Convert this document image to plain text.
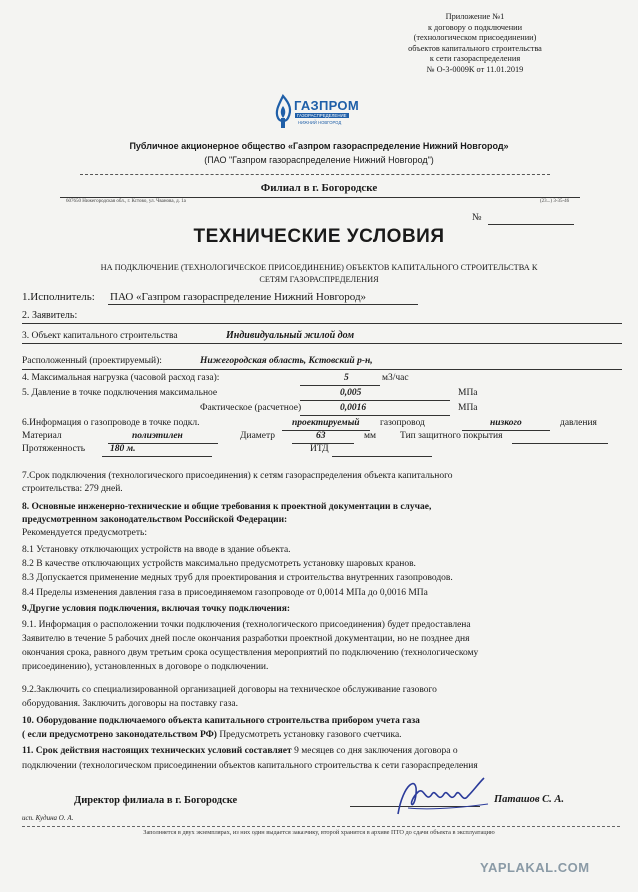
Приложение №1
к договору о подключении
(технологическом присоединении)
объектов капитального строительства
к сети газораспределения
№ О-3-0009К от 11.01.2019
ГАЗПРОМ
ГАЗОРАСПРЕДЕЛЕНИЕ
НИЖНИЙ НОВГОРОД
Публичное акционерное общество «Газпром газораспределение Нижний Новгород»
(ПАО "Газпром газораспределение Нижний Новгород")
Филиал в г. Богородске
607650 Нижегородская обл., г. Кстово, ул. Чванова, д. 1а	(23...) 3-35-46
№
ТЕХНИЧЕСКИЕ УСЛОВИЯ
НА ПОДКЛЮЧЕНИЕ (ТЕХНОЛОГИЧЕСКОЕ ПРИСОЕДИНЕНИЕ) ОБЪЕКТОВ КАПИТАЛЬНОГО СТРОИТЕЛЬСТВА К
СЕТЯМ ГАЗОРАСПРЕДЕЛЕНИЯ
1.Исполнитель: ПАО «Газпром газораспределение Нижний Новгород»
2. Заявитель:
3. Объект капитального строительства	Индивидуальный жилой дом
Расположенный (проектируемый):	Нижегородская область, Кстовский р-н,
4. Максимальная нагрузка (часовой расход газа):	5	м3/час
5. Давление в точке подключения максимальное	0,005	МПа
Фактическое (расчетное)	0,0016	МПа
6.Информация о газопроводе в точке подкл.	проектируемый газопровод	низкого	давления
Материал	полиэтилен	Диаметр	63	мм	Тип защитного покрытия
Протяженность	180 м.	ИТД
7.Срок подключения (технологического присоединения) к сетям газораспределения объекта капитального
строительства: 279 дней.
8. Основные инженерно-технические и общие требования к проектной документации в случае,
предусмотренном законодательством Российской Федерации:
Рекомендуется предусмотреть:
8.1 Установку отключающих устройств на вводе в здание объекта.
8.2 В качестве отключающих устройств максимально предусмотреть установку шаровых кранов.
8.3 Допускается применение медных труб для проектирования и строительства внутренних газопроводов.
8.4 Пределы изменения давления газа в присоединяемом газопроводе от 0,0014 МПа до 0,0016 МПа
9.Другие условия подключения, включая точку подключения:
9.1. Информация о расположении точки подключения (технологического присоединения) будет предоставлена
Заявителю в течение 5 рабочих дней после окончания разработки проектной документации, но не позднее дня
окончания срока, равного двум третьим срока осуществления мероприятий по подключению (технологическому
присоединению), установленных в договоре о подключении.
9.2.Заключить со специализированной организацией договоры на техническое обслуживание газового
оборудования. Заключить договоры на поставку газа.
10. Оборудование подключаемого объекта капитального строительства прибором учета газа
( если предусмотрено законодательством РФ) Предусмотреть установку газового счетчика.
11. Срок действия настоящих технических условий составляет 9 месяцев со дня заключения договора о
подключении (технологическом присоединении объектов капитального строительства к сети газораспределения
Директор филиала в г. Богородске	Паташов С. А.
исп. Кудина О. А.
Заполняется в двух экземплярах, из них один выдается заказчику, второй хранится в архиве ПТО до сдачи объекта в эксплуатацию
YAPLAKAL.COM
